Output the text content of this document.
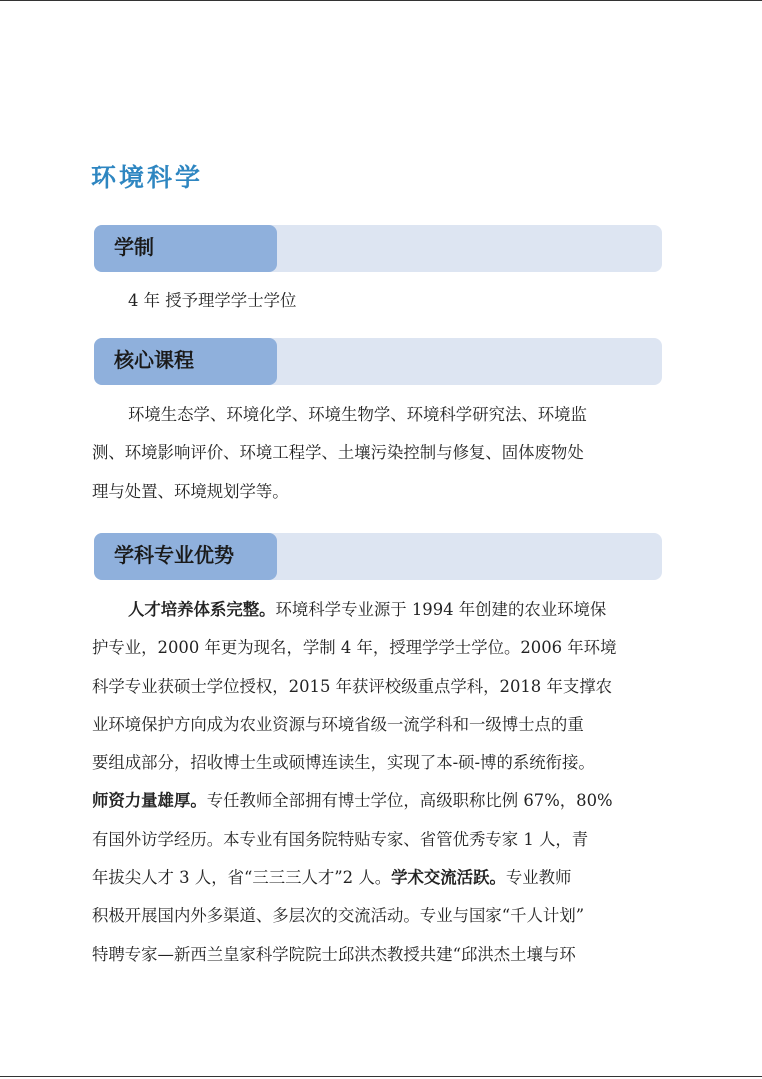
环境科学
学制
4 年 授予理学学士学位
核心课程
环境生态学、环境化学、环境生物学、环境科学研究法、环境监
测、环境影响评价、环境工程学、土壤污染控制与修复、固体废物处
理与处置、环境规划学等。
学科专业优势
人才培养体系完整。环境科学专业源于 1994 年创建的农业环境保
护专业，2000 年更为现名，学制 4 年，授理学学士学位。2006 年环境
科学专业获硕士学位授权，2015 年获评校级重点学科，2018 年支撑农
业环境保护方向成为农业资源与环境省级一流学科和一级博士点的重
要组成部分，招收博士生或硕博连读生，实现了本-硕-博的系统衔接。
师资力量雄厚。专任教师全部拥有博士学位，高级职称比例 67%，80%
有国外访学经历。本专业有国务院特贴专家、省管优秀专家 1 人，青
年拔尖人才 3 人，省“三三三人才”2 人。学术交流活跃。专业教师
积极开展国内外多渠道、多层次的交流活动。专业与国家“千人计划”
特聘专家—新西兰皇家科学院院士邱洪杰教授共建“邱洪杰土壤与环
